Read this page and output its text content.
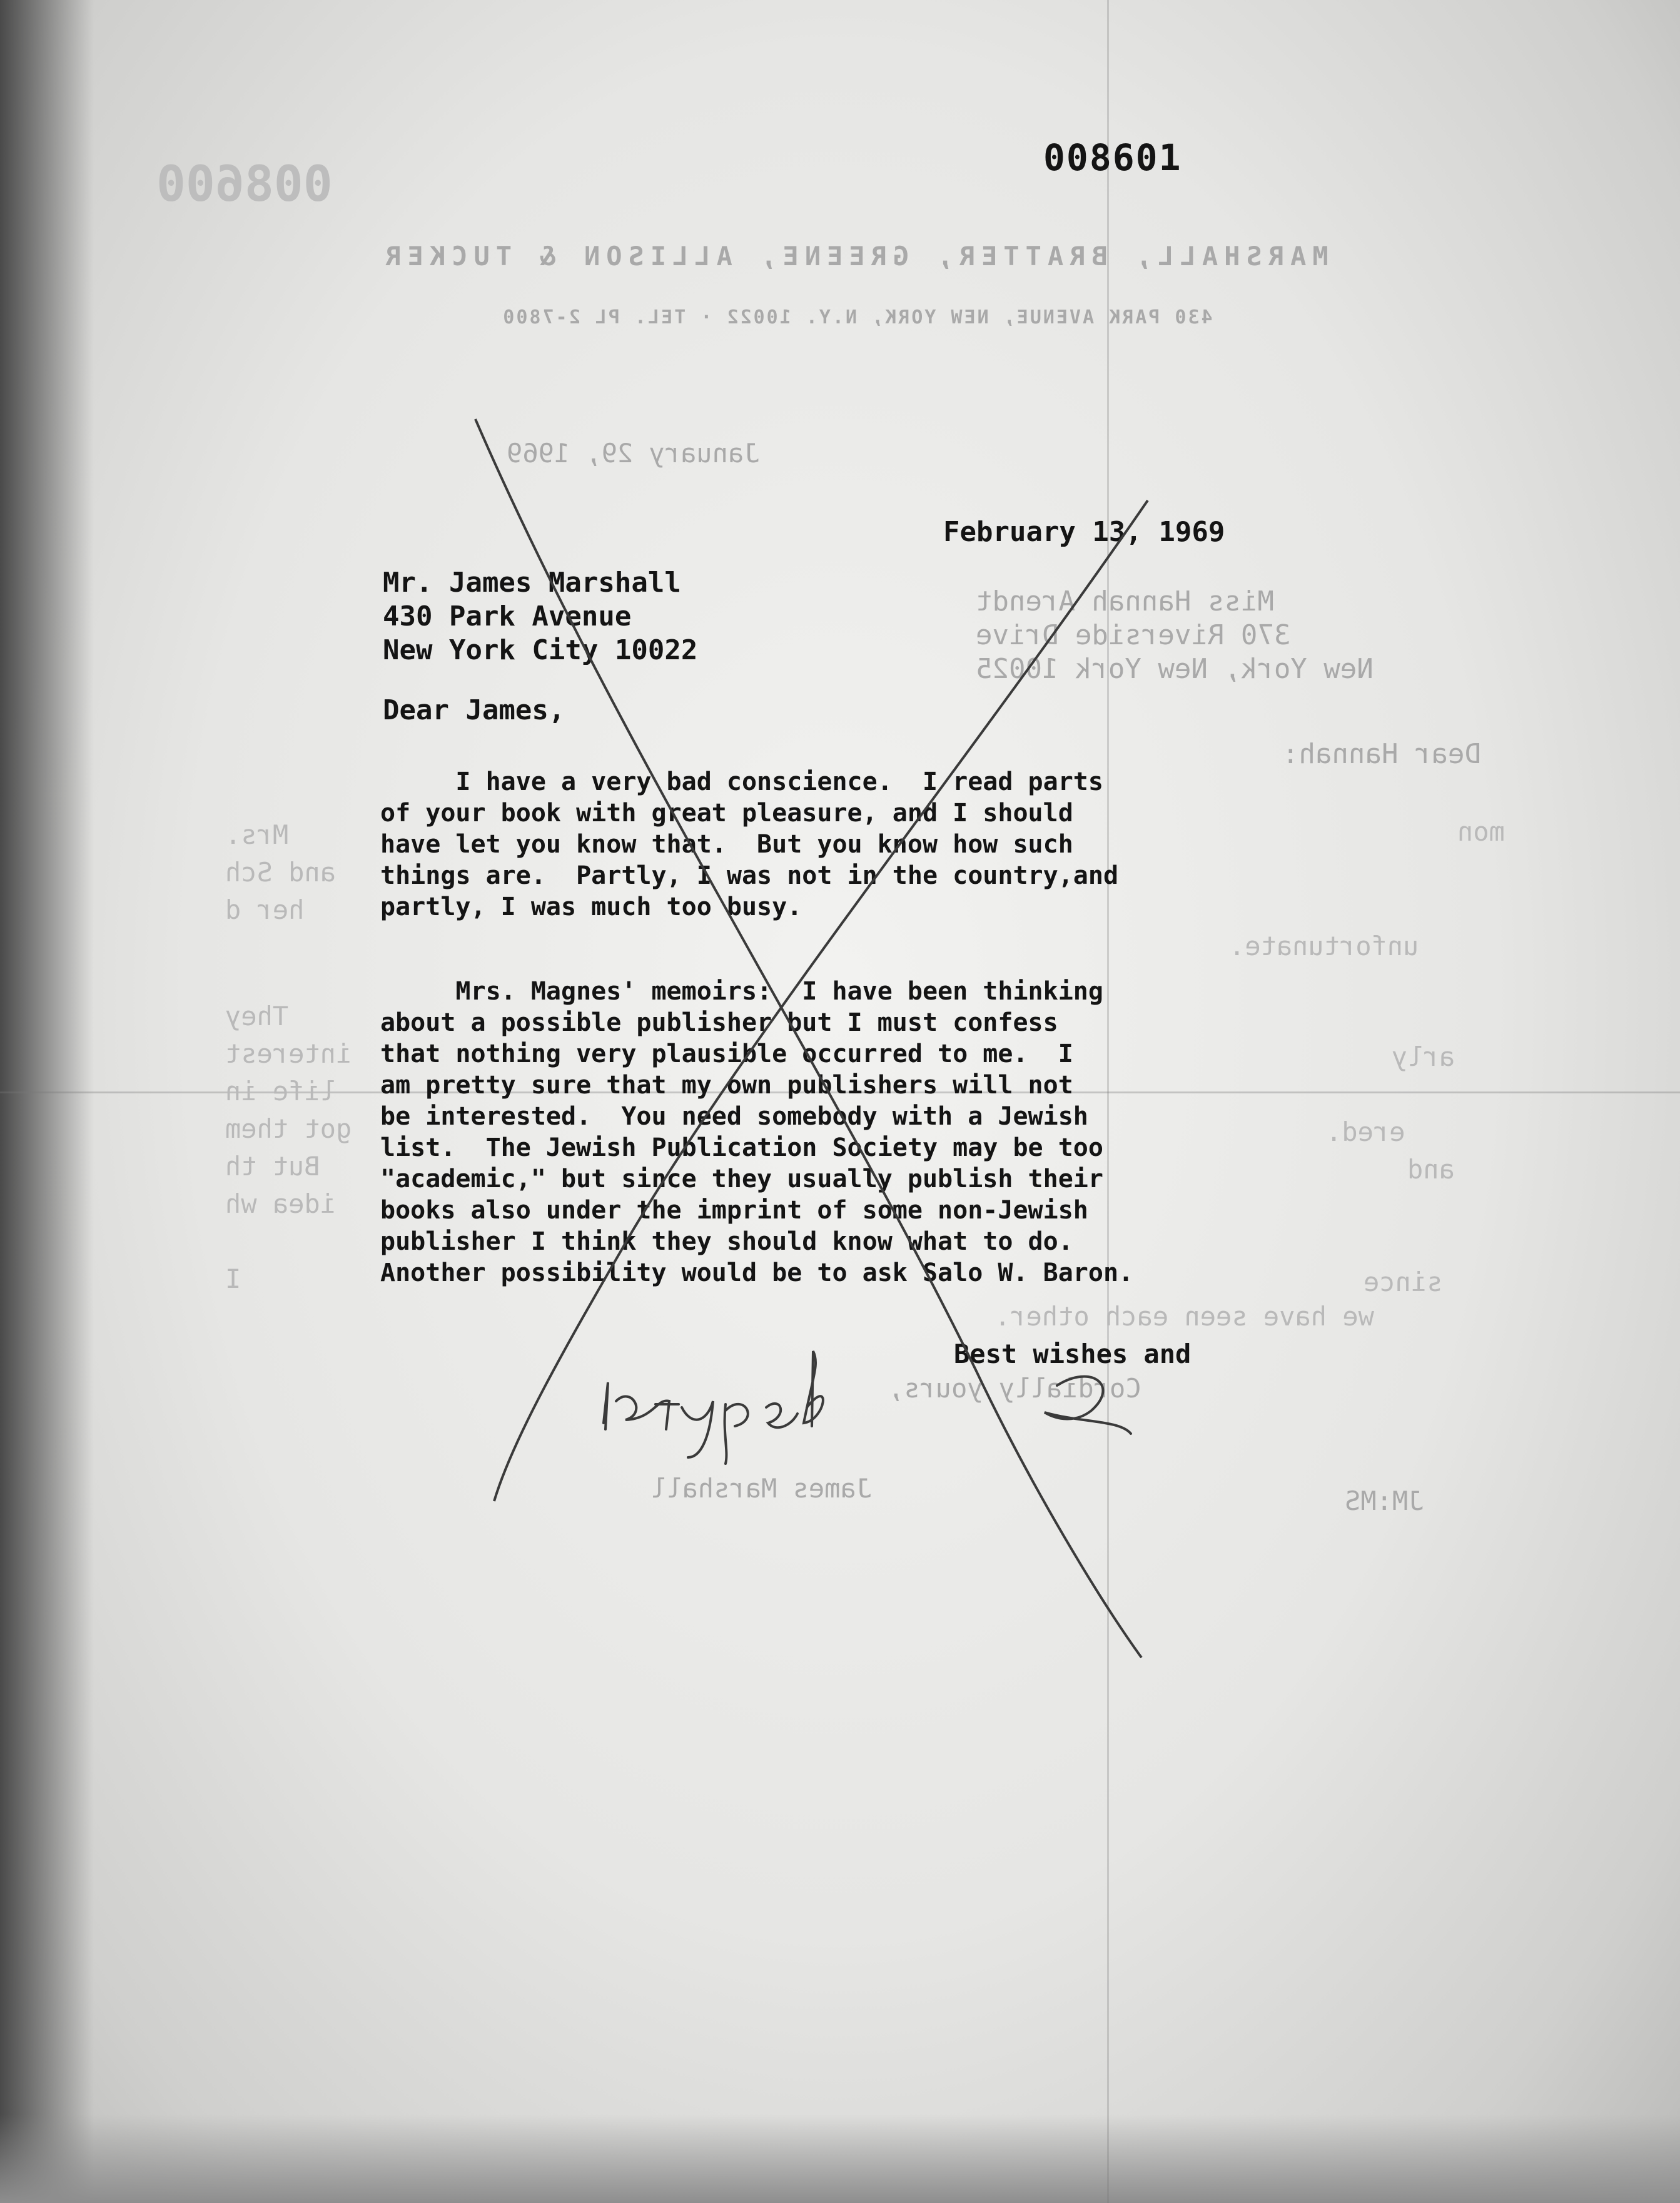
008600
MARSHALL, BRATTER, GREENE, ALLISON & TUCKER
430 PARK AVENUE, NEW YORK, N.Y. 10022 · TEL. PL 2-7800
January 29, 1969
Miss Hannah Arendt
370 Riverside Drive
New York, New York 10025
Dear Hannah:
mon
unfortunate.
arly
ered.
and
since
Mrs.
and Sch
her d
They
interest
life in
got them
But th
idea wh
I
we have seen each other.
Cordially yours,
James Marshall	JM:MS
008601
February 13, 1969
Mr. James Marshall
430 Park Avenue
New York City 10022
Dear James,
I have a very bad conscience.  I read parts
of your book with great pleasure, and I should
have let you know that.  But you know how such
things are.  Partly, I was not in the country,and
partly, I was much too busy.
Mrs. Magnes' memoirs:  I have been thinking
about a possible publisher but I must confess
that nothing very plausible occurred to me.  I
am pretty sure that my own publishers will not
be interested.  You need somebody with a Jewish
list.  The Jewish Publication Society may be too
"academic," but since they usually publish their
books also under the imprint of some non-Jewish
publisher I think they should know what to do.
Another possibility would be to ask Salo W. Baron.
Best wishes and
